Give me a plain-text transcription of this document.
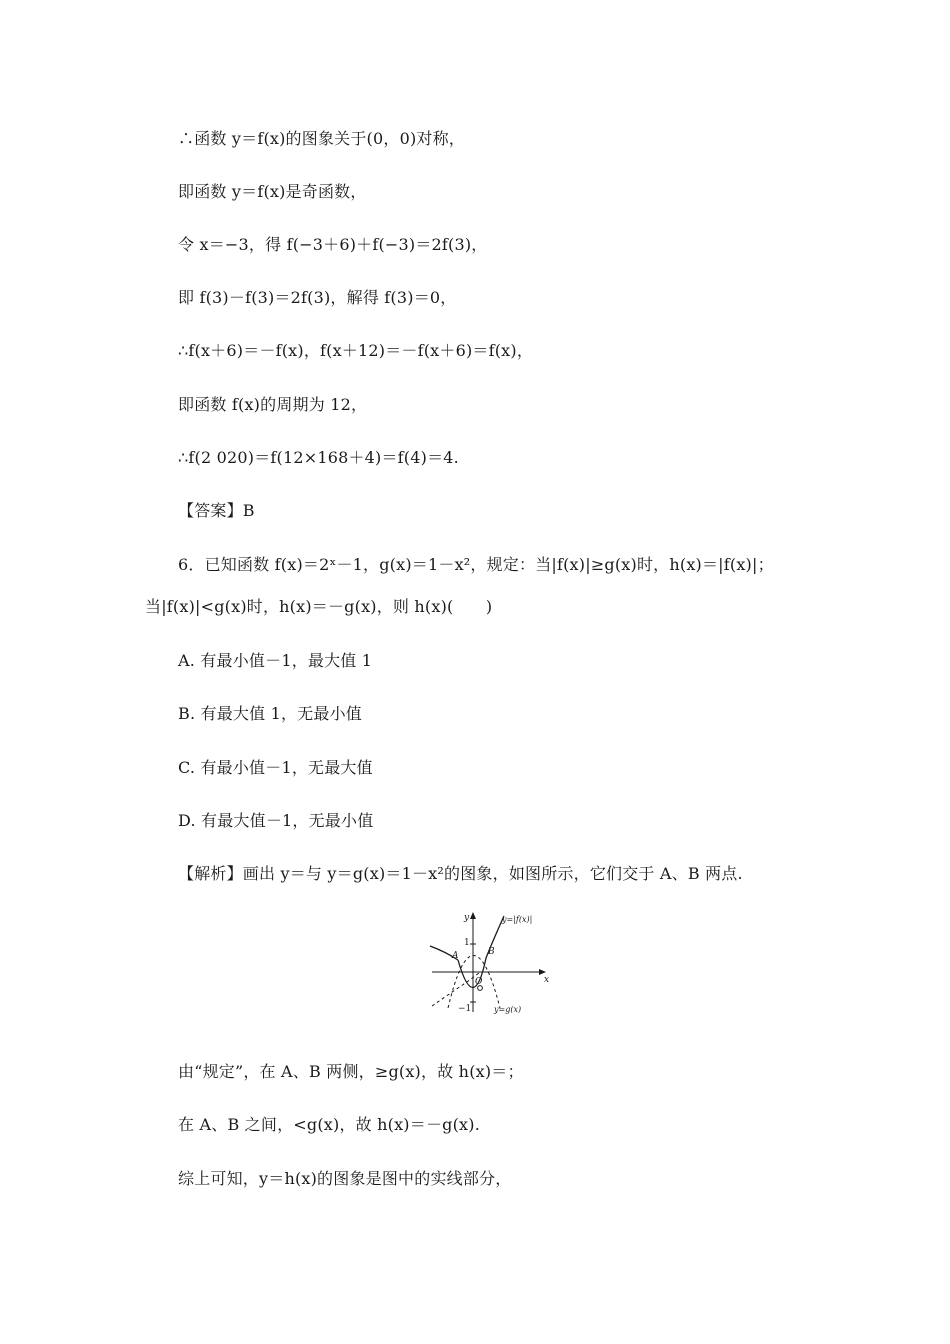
∴函数 y＝f(x)的图象关于(0，0)对称，
即函数 y＝f(x)是奇函数，
令 x＝−3，得 f(−3＋6)＋f(−3)＝2f(3)，
即 f(3)－f(3)＝2f(3)，解得 f(3)＝0，
∴f(x＋6)＝－f(x)，f(x＋12)＝－f(x＋6)＝f(x)，
即函数 f(x)的周期为 12，
∴f(2 020)＝f(12×168＋4)＝f(4)＝4.
【答案】B
6．已知函数 f(x)＝2ˣ－1，g(x)＝1－x²，规定：当|f(x)|≥g(x)时，h(x)＝|f(x)|；
当|f(x)|<g(x)时，h(x)＝－g(x)，则 h(x)(　　)
A. 有最小值－1，最大值 1
B. 有最大值 1，无最小值
C. 有最小值－1，无最大值
D. 有最大值－1，无最小值
【解析】画出 y＝与 y＝g(x)＝1－x²的图象，如图所示，它们交于 A、B 两点.
y
x
O
1
−1
A	B
y=|f(x)|
y=g(x)
由“规定”，在 A、B 两侧，≥g(x)，故 h(x)＝；
在 A、B 之间，<g(x)，故 h(x)＝－g(x).
综上可知，y＝h(x)的图象是图中的实线部分，
